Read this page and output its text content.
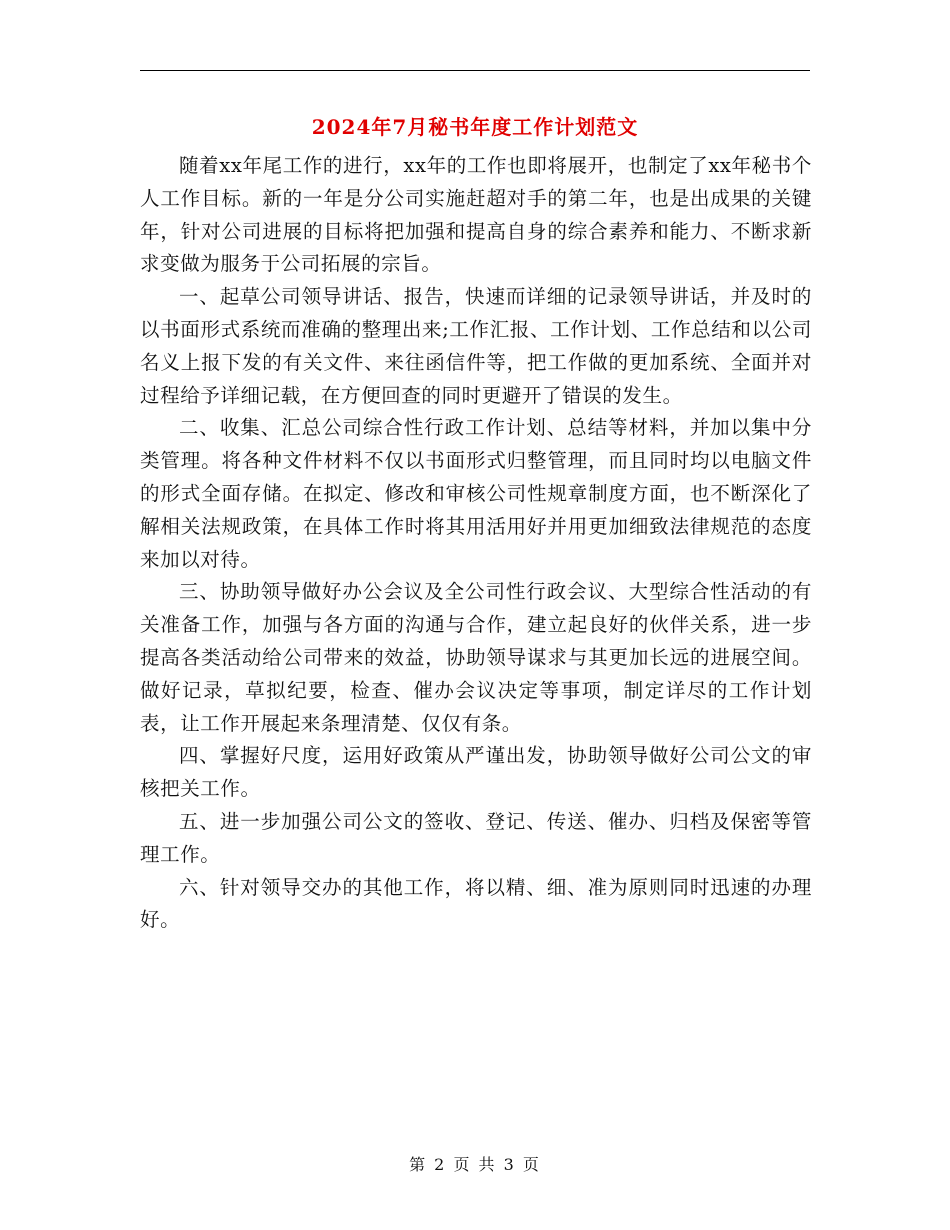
2024年7月秘书年度工作计划范文

随着xx年尾工作的进行，xx年的工作也即将展开，也制定了xx年秘书个人工作目标。新的一年是分公司实施赶超对手的第二年，也是出成果的关键年，针对公司进展的目标将把加强和提高自身的综合素养和能力、不断求新求变做为服务于公司拓展的宗旨。

一、起草公司领导讲话、报告，快速而详细的记录领导讲话，并及时的以书面形式系统而准确的整理出来;工作汇报、工作计划、工作总结和以公司名义上报下发的有关文件、来往函信件等，把工作做的更加系统、全面并对过程给予详细记载，在方便回查的同时更避开了错误的发生。

二、收集、汇总公司综合性行政工作计划、总结等材料，并加以集中分类管理。将各种文件材料不仅以书面形式归整管理，而且同时均以电脑文件的形式全面存储。在拟定、修改和审核公司性规章制度方面，也不断深化了解相关法规政策，在具体工作时将其用活用好并用更加细致法律规范的态度来加以对待。

三、协助领导做好办公会议及全公司性行政会议、大型综合性活动的有关准备工作，加强与各方面的沟通与合作，建立起良好的伙伴关系，进一步提高各类活动给公司带来的效益，协助领导谋求与其更加长远的进展空间。做好记录，草拟纪要，检查、催办会议决定等事项，制定详尽的工作计划表，让工作开展起来条理清楚、仅仅有条。

四、掌握好尺度，运用好政策从严谨出发，协助领导做好公司公文的审核把关工作。

五、进一步加强公司公文的签收、登记、传送、催办、归档及保密等管理工作。

六、针对领导交办的其他工作，将以精、细、准为原则同时迅速的办理好。

第 2 页 共 3 页
